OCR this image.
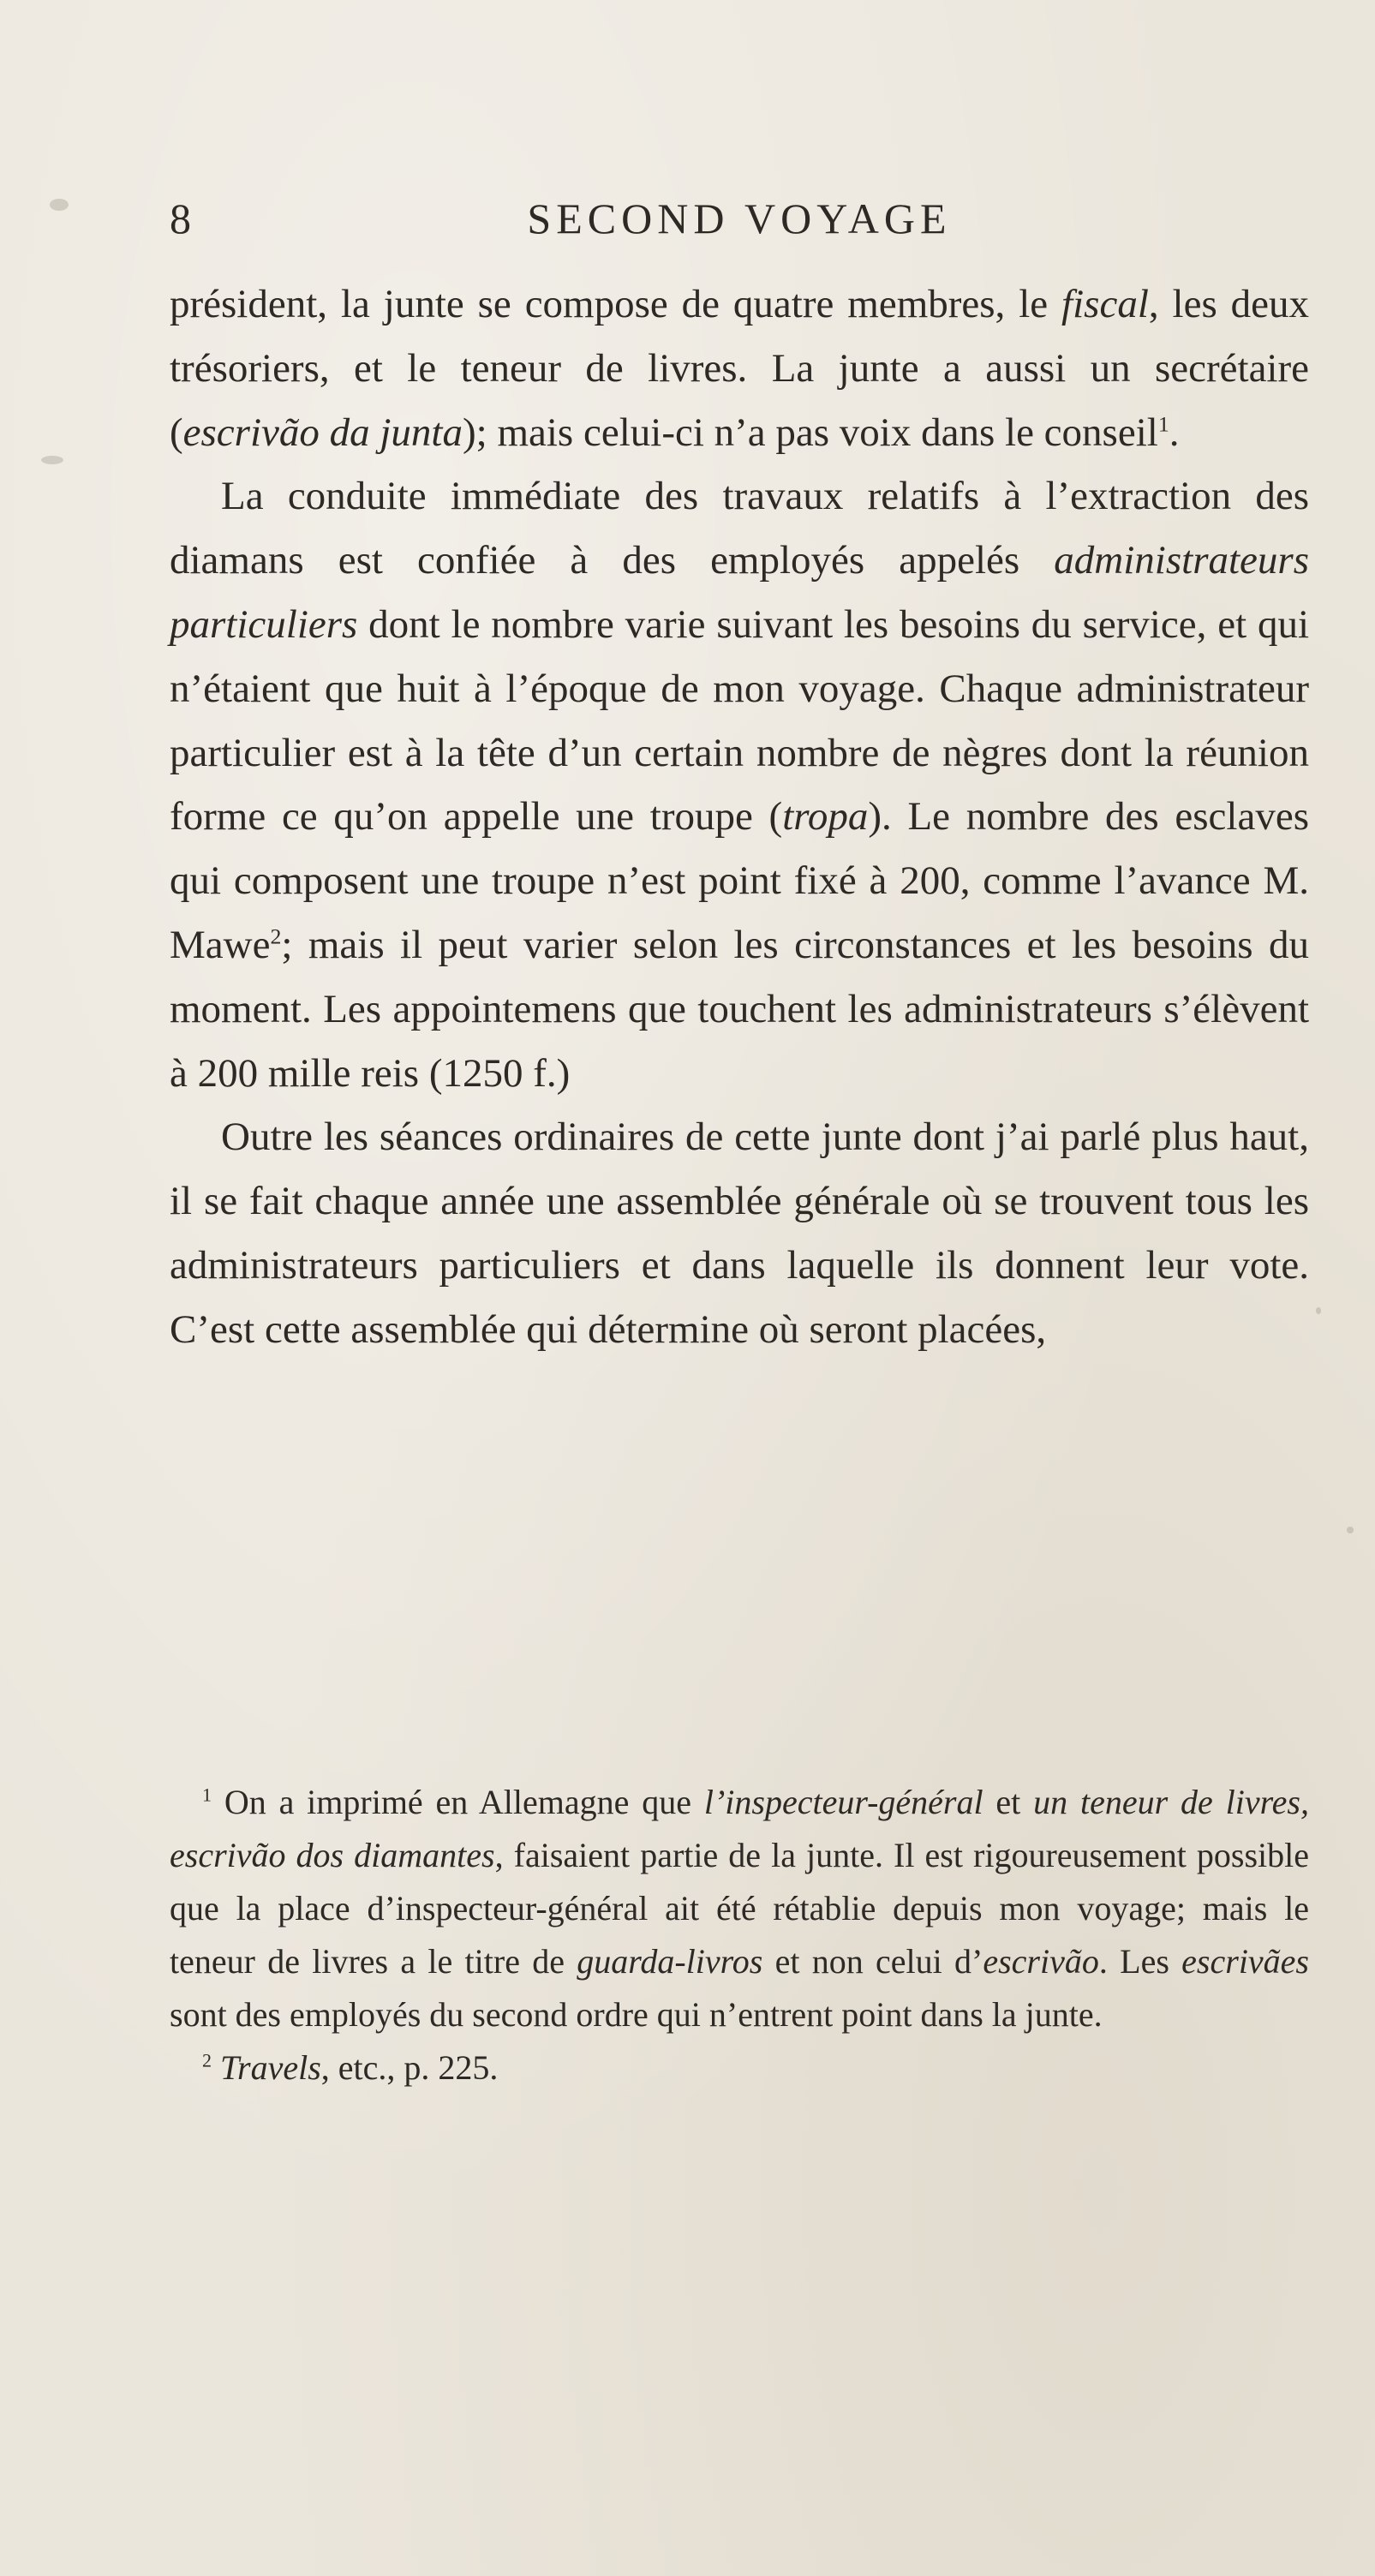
8	SECOND VOYAGE

président, la junte se compose de quatre membres, le fiscal, les deux trésoriers, et le teneur de livres. La junte a aussi un secrétaire (escrivão da junta); mais celui-ci n’a pas voix dans le conseil$^1$.

La conduite immédiate des travaux relatifs à l’extraction des diamans est confiée à des employés appelés administrateurs particuliers dont le nombre varie suivant les besoins du service, et qui n’étaient que huit à l’époque de mon voyage. Chaque administrateur particulier est à la tête d’un certain nombre de nègres dont la réunion forme ce qu’on appelle une troupe (tropa). Le nombre des esclaves qui composent une troupe n’est point fixé à 200, comme l’avance M. Mawe$^2$; mais il peut varier selon les circonstances et les besoins du moment. Les appointemens que touchent les administrateurs s’élèvent à 200 mille reis (1250 f.)

Outre les séances ordinaires de cette junte dont j’ai parlé plus haut, il se fait chaque année une assemblée générale où se trouvent tous les administrateurs particuliers et dans laquelle ils donnent leur vote. C’est cette assemblée qui détermine où seront placées,

$^1$ On a imprimé en Allemagne que l’inspecteur-général et un teneur de livres, escrivão dos diamantes, faisaient partie de la junte. Il est rigoureusement possible que la place d’inspecteur-général ait été rétablie depuis mon voyage; mais le teneur de livres a le titre de guarda-livros et non celui d’escrivão. Les escrivães sont des employés du second ordre qui n’entrent point dans la junte.

$^2$ Travels, etc., p. 225.
